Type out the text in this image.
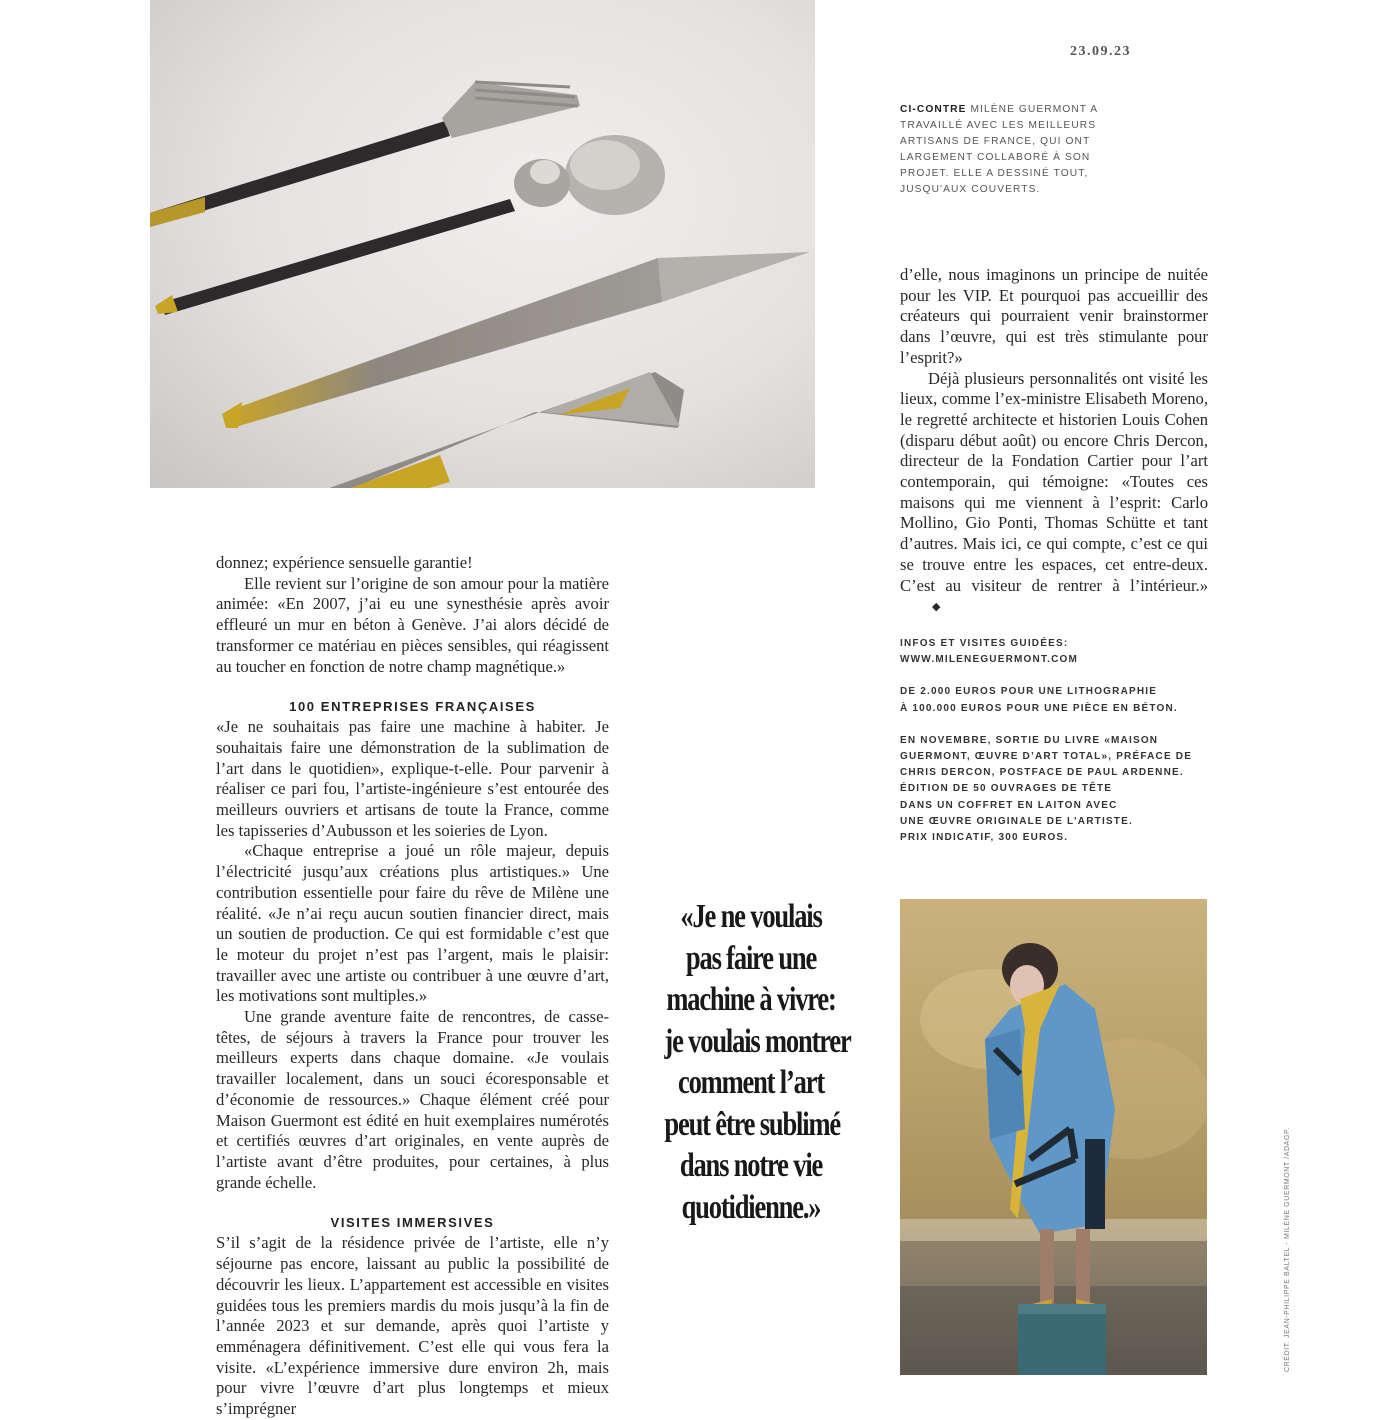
23.09.23
CI-CONTRE MILÈNE GUERMONT A TRAVAILLÉ AVEC LES MEILLEURS ARTISANS DE FRANCE, QUI ONT LARGEMENT COLLABORÉ À SON PROJET. ELLE A DESSINÉ TOUT, JUSQU'AUX COUVERTS.

d’elle, nous imaginons un principe de nuitée pour les VIP. Et pourquoi pas accueillir des créateurs qui pourraient venir brainstormer dans l’œuvre, qui est très stimulante pour l’esprit?»

Déjà plusieurs personnalités ont visité les lieux, comme l’ex-ministre Elisabeth Moreno, le regretté architecte et historien Louis Cohen (disparu début août) ou encore Chris Dercon, directeur de la Fondation Cartier pour l’art contemporain, qui témoigne: «Toutes ces maisons qui me viennent à l’esprit: Carlo Mollino, Gio Ponti, Thomas Schütte et tant d’autres. Mais ici, ce qui compte, c’est ce qui se trouve entre les espaces, cet entre-deux. C’est au visiteur de rentrer à l’intérieur.»◆

INFOS ET VISITES GUIDÉES:
WWW.MILENEGUERMONT.COM

DE 2.000 EUROS POUR UNE LITHOGRAPHIE
À 100.000 EUROS POUR UNE PIÈCE EN BÉTON.

EN NOVEMBRE, SORTIE DU LIVRE «MAISON
GUERMONT, ŒUVRE D’ART TOTAL», PRÉFACE DE
CHRIS DERCON, POSTFACE DE PAUL ARDENNE.
ÉDITION DE 50 OUVRAGES DE TÊTE
DANS UN COFFRET EN LAITON AVEC
UNE ŒUVRE ORIGINALE DE L’ARTISTE.
PRIX INDICATIF, 300 EUROS.

donnez; expérience sensuelle garantie!

Elle revient sur l’origine de son amour pour la matière animée: «En 2007, j’ai eu une synesthésie après avoir effleuré un mur en béton à Genève. J’ai alors décidé de transformer ce matériau en pièces sensibles, qui réagissent au toucher en fonction de notre champ magnétique.»

100 ENTREPRISES FRANÇAISES

«Je ne souhaitais pas faire une machine à habiter. Je souhaitais faire une démonstration de la sublimation de l’art dans le quotidien», explique-t-elle. Pour parvenir à réaliser ce pari fou, l’artiste-ingénieure s’est entourée des meilleurs ouvriers et artisans de toute la France, comme les tapisseries d’Aubusson et les soieries de Lyon.

«Chaque entreprise a joué un rôle majeur, depuis l’électricité jusqu’aux créations plus artistiques.» Une contribution essentielle pour faire du rêve de Milène une réalité. «Je n’ai reçu aucun soutien financier direct, mais un soutien de production. Ce qui est formidable c’est que le moteur du projet n’est pas l’argent, mais le plaisir: travailler avec une artiste ou contribuer à une œuvre d’art, les motivations sont multiples.»

Une grande aventure faite de rencontres, de casse-têtes, de séjours à travers la France pour trouver les meilleurs experts dans chaque domaine. «Je voulais travailler localement, dans un souci écoresponsable et d’économie de ressources.» Chaque élément créé pour Maison Guermont est édité en huit exemplaires numérotés et certifiés œuvres d’art originales, en vente auprès de l’artiste avant d’être produites, pour certaines, à plus grande échelle.

VISITES IMMERSIVES

S’il s’agit de la résidence privée de l’artiste, elle n’y séjourne pas encore, laissant au public la possibilité de découvrir les lieux. L’appartement est accessible en visites guidées tous les premiers mardis du mois jusqu’à la fin de l’année 2023 et sur demande, après quoi l’artiste y emménagera définitivement. C’est elle qui vous fera la visite. «L’expérience immersive dure environ 2h, mais pour vivre l’œuvre d’art plus longtemps et mieux s’imprégner

«Je ne voulais
pas faire une
machine à vivre:
je voulais montrer
comment l’art
peut être sublimé
dans notre vie
quotidienne.»	CRÉDIT: JEAN-PHILIPPE BALTEL - MILÈNE GUERMONT /ADAGP.
